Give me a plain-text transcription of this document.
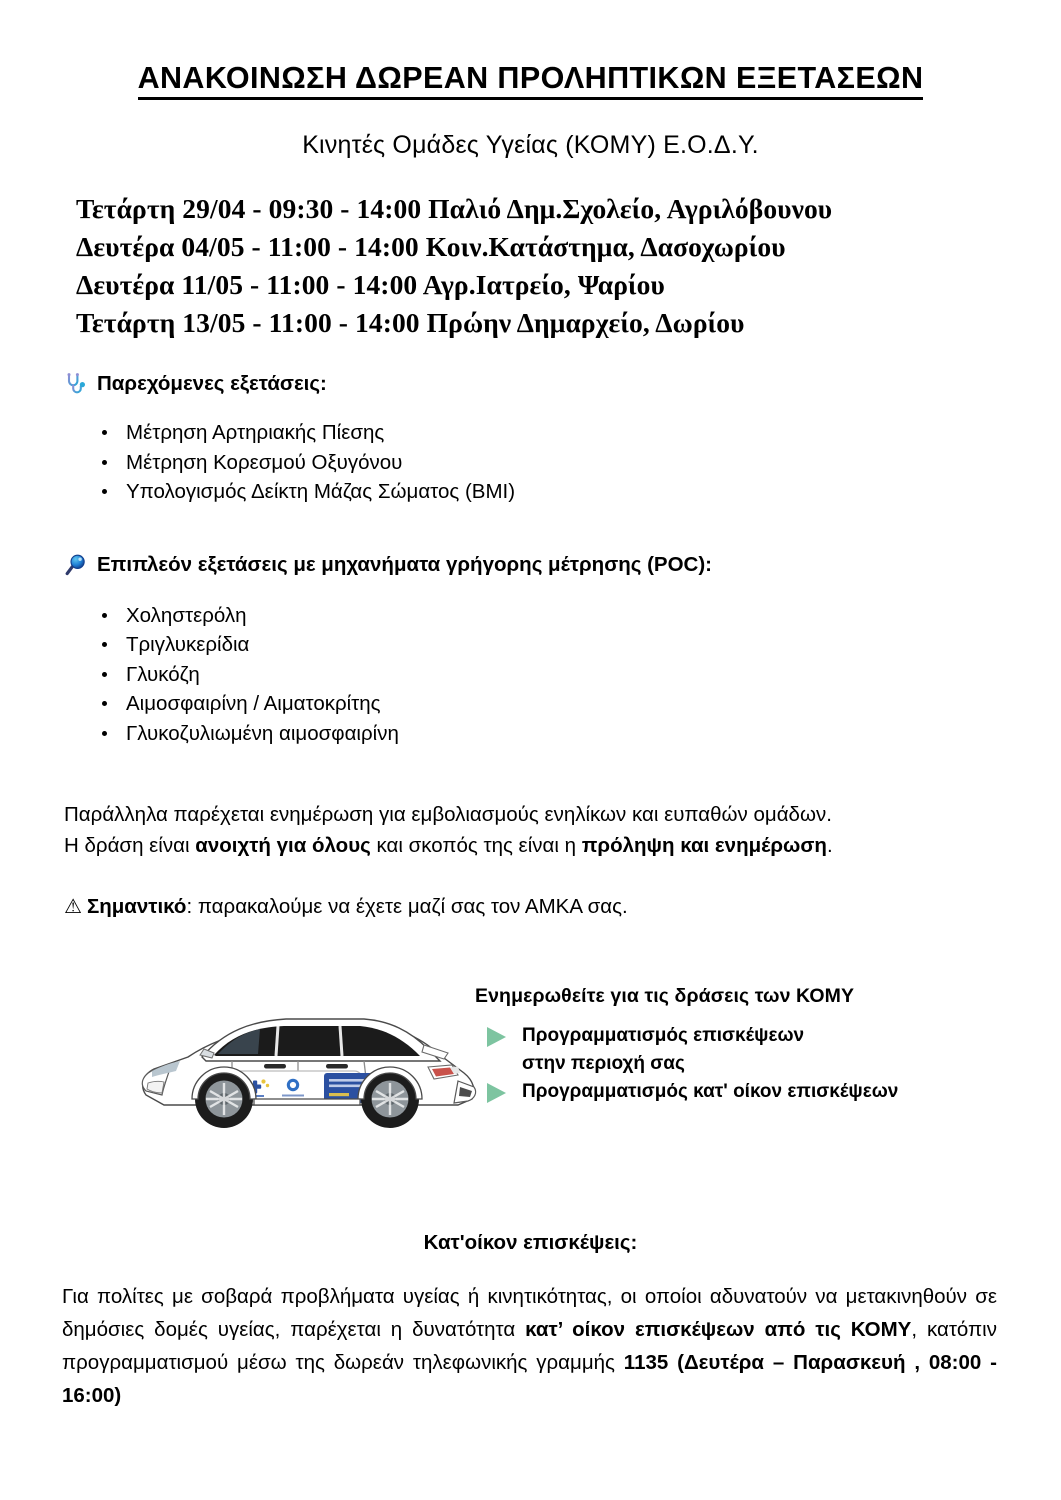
ΑΝΑΚΟΙΝΩΣΗ ΔΩΡΕΑΝ ΠΡΟΛΗΠΤΙΚΩΝ ΕΞΕΤΑΣΕΩΝ
Κινητές Ομάδες Υγείας (ΚΟΜΥ) Ε.Ο.Δ.Υ.
Τετάρτη 29/04 - 09:30 - 14:00 Παλιό Δημ.Σχολείο, Αγριλόβουνου
Δευτέρα 04/05 - 11:00 - 14:00 Κοιν.Κατάστημα, Δασοχωρίου
Δευτέρα 11/05 - 11:00 - 14:00 Αγρ.Ιατρείο, Ψαρίου
Τετάρτη 13/05 - 11:00 - 14:00 Πρώην Δημαρχείο, Δωρίου
Παρεχόμενες εξετάσεις:
Μέτρηση Αρτηριακής Πίεσης
Μέτρηση Κορεσμού Οξυγόνου
Υπολογισμός Δείκτη Μάζας Σώματος (BMI)
Επιπλεόν εξετάσεις με μηχανήματα γρήγορης μέτρησης (POC):
Χοληστερόλη
Τριγλυκερίδια
Γλυκόζη
Αιμοσφαιρίνη / Αιματοκρίτης
Γλυκοζυλιωμένη αιμοσφαιρίνη

Παράλληλα παρέχεται ενημέρωση για εμβολιασμούς ενηλίκων και ευπαθών ομάδων.

Η δράση είναι ανοιχτή για όλους και σκοπός της είναι η πρόληψη και ενημέρωση.

⚠ Σημαντικό: παρακαλούμε να έχετε μαζί σας τον ΑΜΚΑ σας.

Ενημερωθείτε για τις δράσεις των ΚΟΜΥ

Προγραμματισμός επισκέψεων
στην περιοχή σας
Προγραμματισμός κατ' οίκον επισκέψεων
Κατ'οίκον επισκέψεις:
Για πολίτες με σοβαρά προβλήματα υγείας ή κινητικότητας, οι οποίοι αδυνατούν να μετακινηθούν σε δημόσιες δομές υγείας, παρέχεται η δυνατότητα κατ’ οίκον επισκέψεων από τις ΚΟΜΥ, κατόπιν προγραμματισμού μέσω της δωρεάν τηλεφωνικής γραμμής 1135 (Δευτέρα – Παρασκευή , 08:00 - 16:00)
